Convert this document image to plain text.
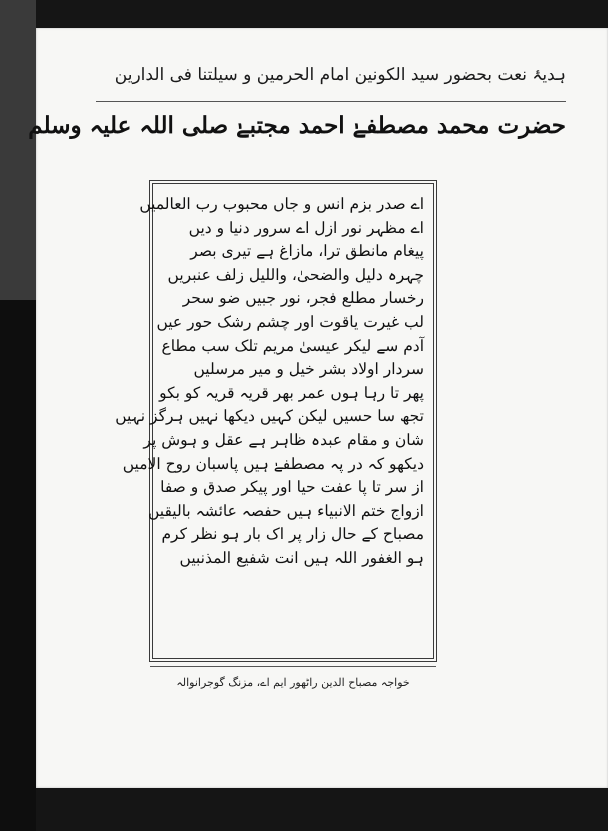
ہدیۂ نعت بحضور سید الکونین امام الحرمین و سیلتنا فی الدارین
حضرت محمد مصطفےٰ احمد مجتبےٰ صلی اللہ علیہ وسلم
اے صدر بزم انس و جاں محبوب رب العالمیں
اے مظہر نور ازل اے سرور دنیا و دیں
پیغام مانطق ترا، مازاغ ہے تیری بصر
چہرہ دلیل والضحیٰ، واللیل زلف عنبریں
رخسار مطلع فجر، نور جبیں ضو سحر
لب غیرت یاقوت اور چشم رشک حور عیں
آدم سے لیکر عیسیٰ مریم تلک سب مطاع
سردار اولاد بشر خیل و میر مرسلیں
پھر تا رہا ہوں عمر بھر قریہ قریہ کو بکو
تجھ سا حسیں لیکن کہیں دیکھا نہیں ہرگز نہیں
شان و مقام عبدہ ظاہر ہے عقل و ہوش پر
دیکھو کہ در پہ مصطفےٰ ہیں پاسبان روح الامیں
از سر تا پا عفت حیا اور پیکر صدق و صفا
ازواج ختم الانبیاء ہیں حفصہ عائشہ بالیقیں
مصباح کے حال زار پر اک بار ہو نظر کرم
ہو الغفور اللہ ہیں انت شفیع المذنبیں
خواجہ مصباح الدین راٹھور ایم اے، مزنگ گوجرانوالہ
